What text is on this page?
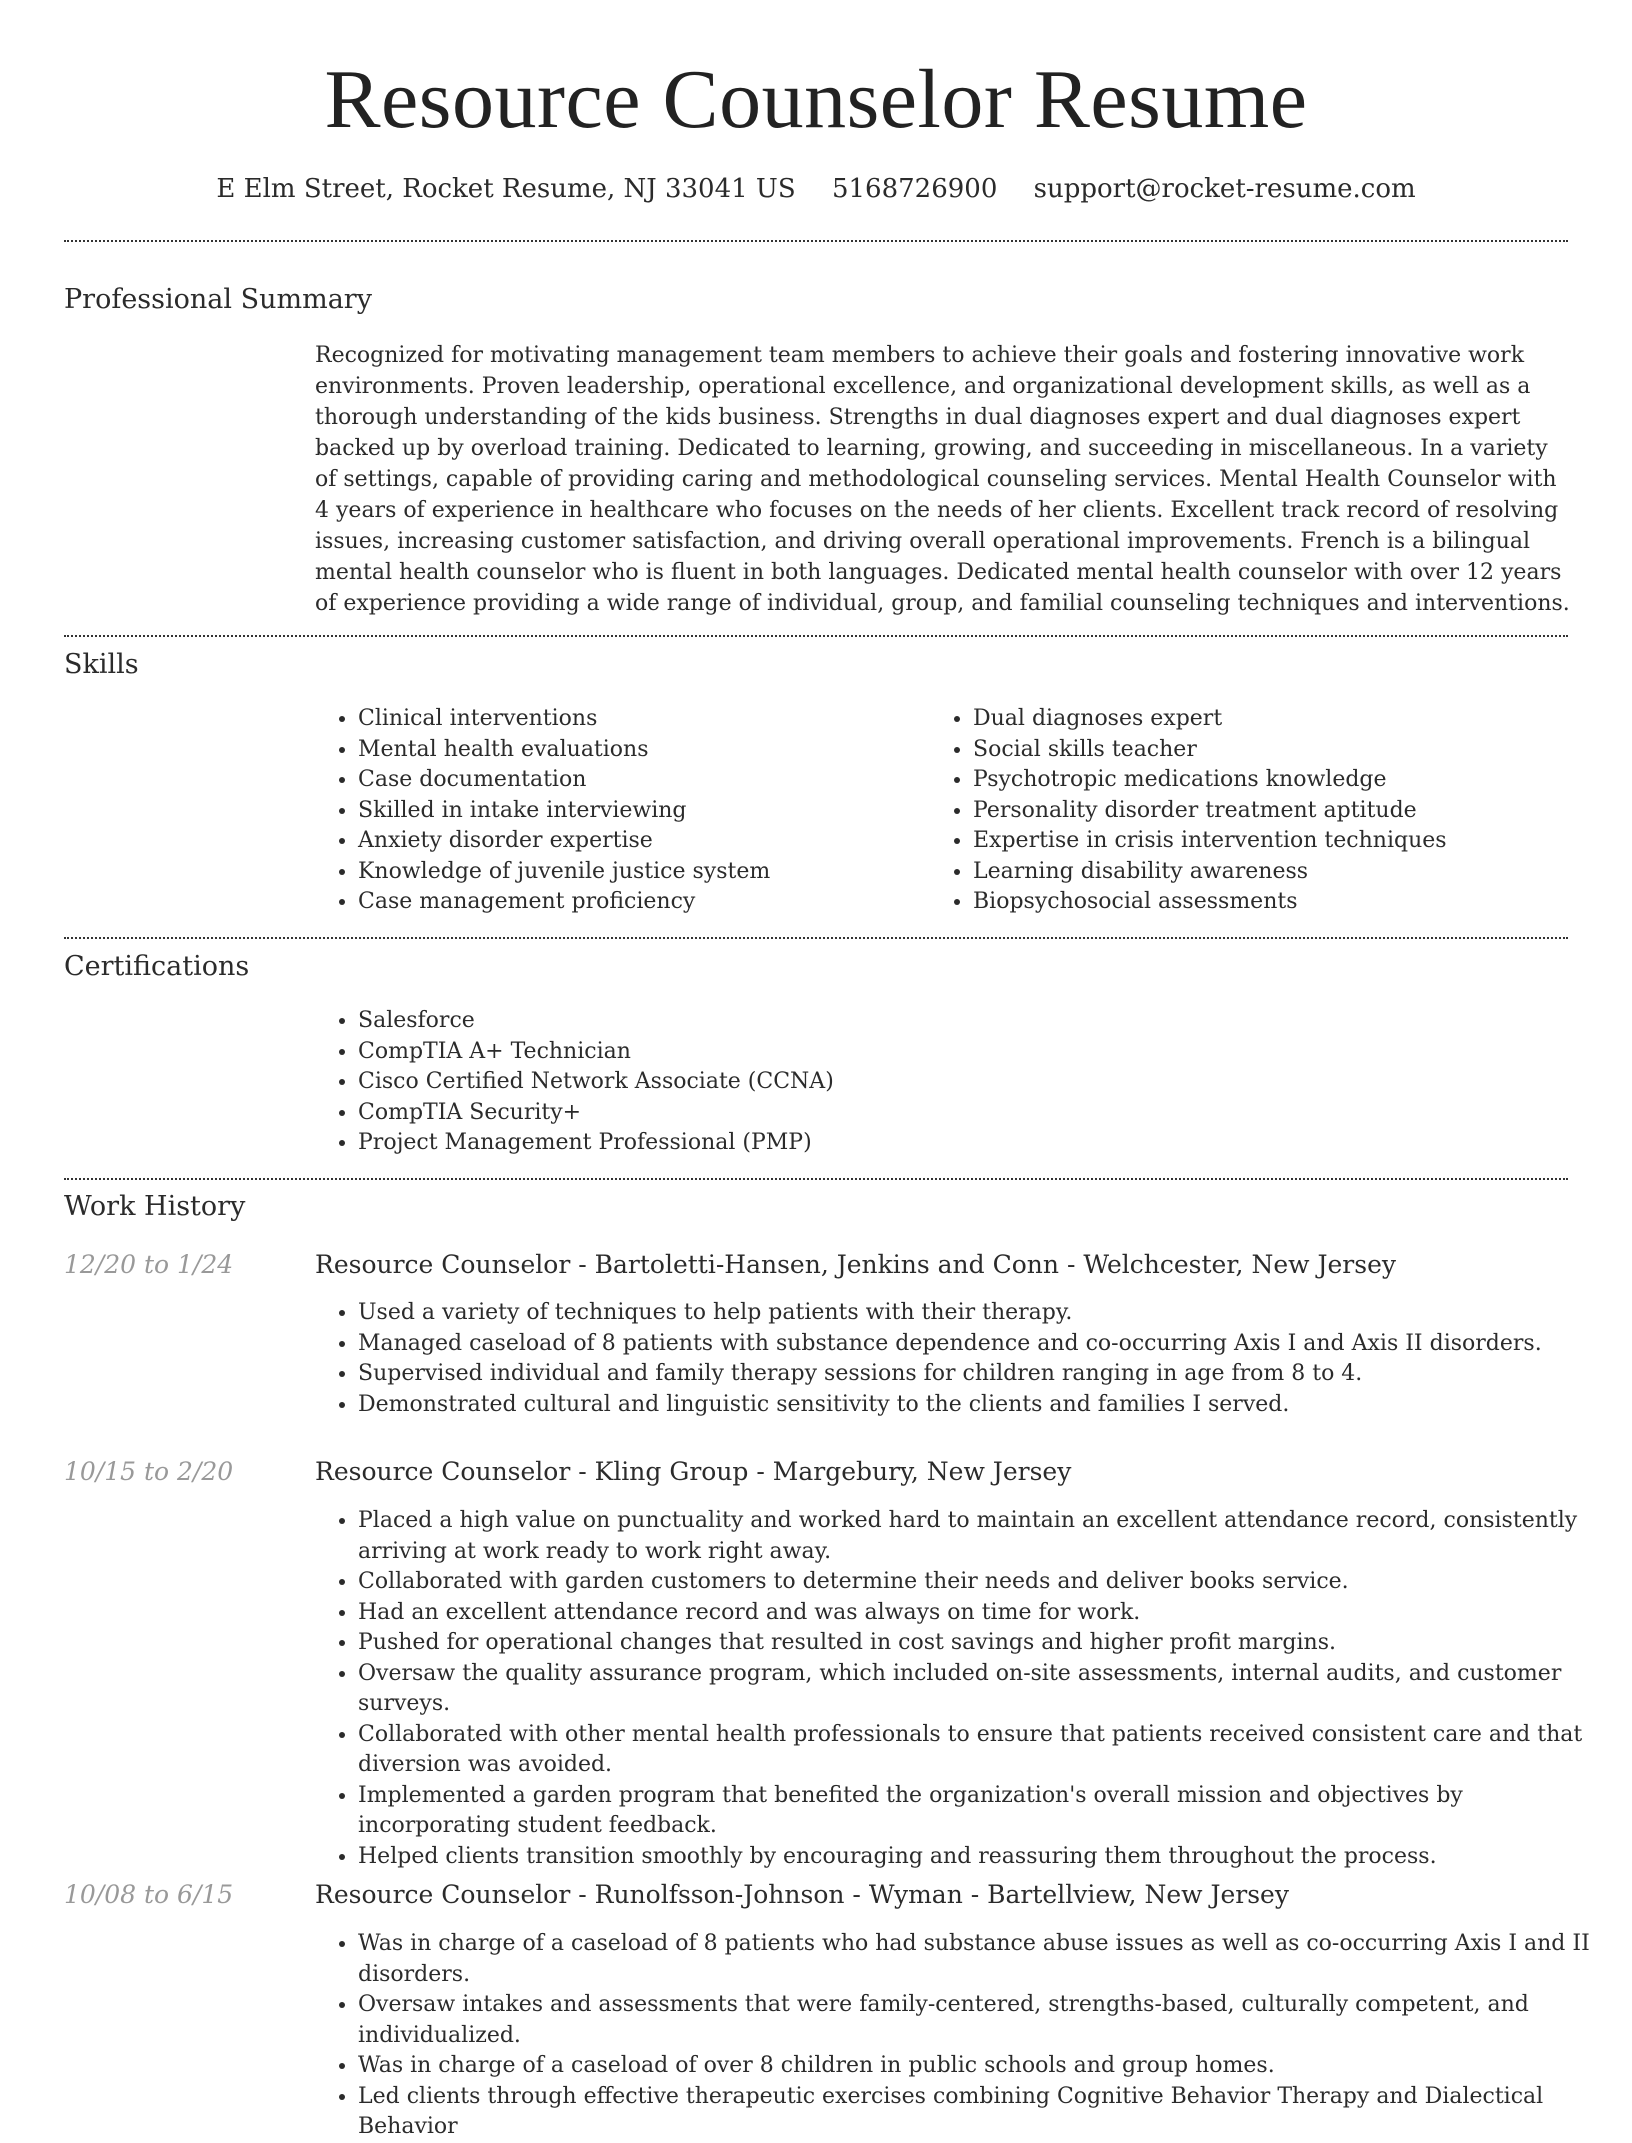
Resource Counselor Resume
E Elm Street, Rocket Resume, NJ 33041 US 5168726900 support@rocket-resume.com
Professional Summary

Recognized for motivating management team members to achieve their goals and fostering innovative work environments. Proven leadership, operational excellence, and organizational development skills, as well as a thorough understanding of the kids business. Strengths in dual diagnoses expert and dual diagnoses expert backed up by overload training. Dedicated to learning, growing, and succeeding in miscellaneous. In a variety of settings, capable of providing caring and methodological counseling services. Mental Health Counselor with 4 years of experience in healthcare who focuses on the needs of her clients. Excellent track record of resolving issues, increasing customer satisfaction, and driving overall operational improvements. French is a bilingual mental health counselor who is fluent in both languages. Dedicated mental health counselor with over 12 years of experience providing a wide range of individual, group, and familial counseling techniques and interventions.

Skills
• Clinical interventions
• Mental health evaluations
• Case documentation
• Skilled in intake interviewing
• Anxiety disorder expertise
• Knowledge of juvenile justice system
• Case management proficiency
• Dual diagnoses expert
• Social skills teacher
• Psychotropic medications knowledge
• Personality disorder treatment aptitude
• Expertise in crisis intervention techniques
• Learning disability awareness
• Biopsychosocial assessments
Certifications
• Salesforce
• CompTIA A+ Technician
• Cisco Certified Network Associate (CCNA)
• CompTIA Security+
• Project Management Professional (PMP)
Work History
12/20 to 1/24	Resource Counselor - Bartoletti-Hansen, Jenkins and Conn - Welchcester, New Jersey
• Used a variety of techniques to help patients with their therapy.
• Managed caseload of 8 patients with substance dependence and co-occurring Axis I and Axis II disorders.
• Supervised individual and family therapy sessions for children ranging in age from 8 to 4.
• Demonstrated cultural and linguistic sensitivity to the clients and families I served.
10/15 to 2/20	Resource Counselor - Kling Group - Margebury, New Jersey
• Placed a high value on punctuality and worked hard to maintain an excellent attendance record, consistently arriving at work ready to work right away.
• Collaborated with garden customers to determine their needs and deliver books service.
• Had an excellent attendance record and was always on time for work.
• Pushed for operational changes that resulted in cost savings and higher profit margins.
• Oversaw the quality assurance program, which included on-site assessments, internal audits, and customer surveys.
• Collaborated with other mental health professionals to ensure that patients received consistent care and that diversion was avoided.
• Implemented a garden program that benefited the organization's overall mission and objectives by incorporating student feedback.
• Helped clients transition smoothly by encouraging and reassuring them throughout the process.
10/08 to 6/15	Resource Counselor - Runolfsson-Johnson - Wyman - Bartellview, New Jersey
• Was in charge of a caseload of 8 patients who had substance abuse issues as well as co-occurring Axis I and II disorders.
• Oversaw intakes and assessments that were family-centered, strengths-based, culturally competent, and individualized.
• Was in charge of a caseload of over 8 children in public schools and group homes.
• Led clients through effective therapeutic exercises combining Cognitive Behavior Therapy and Dialectical Behavior
